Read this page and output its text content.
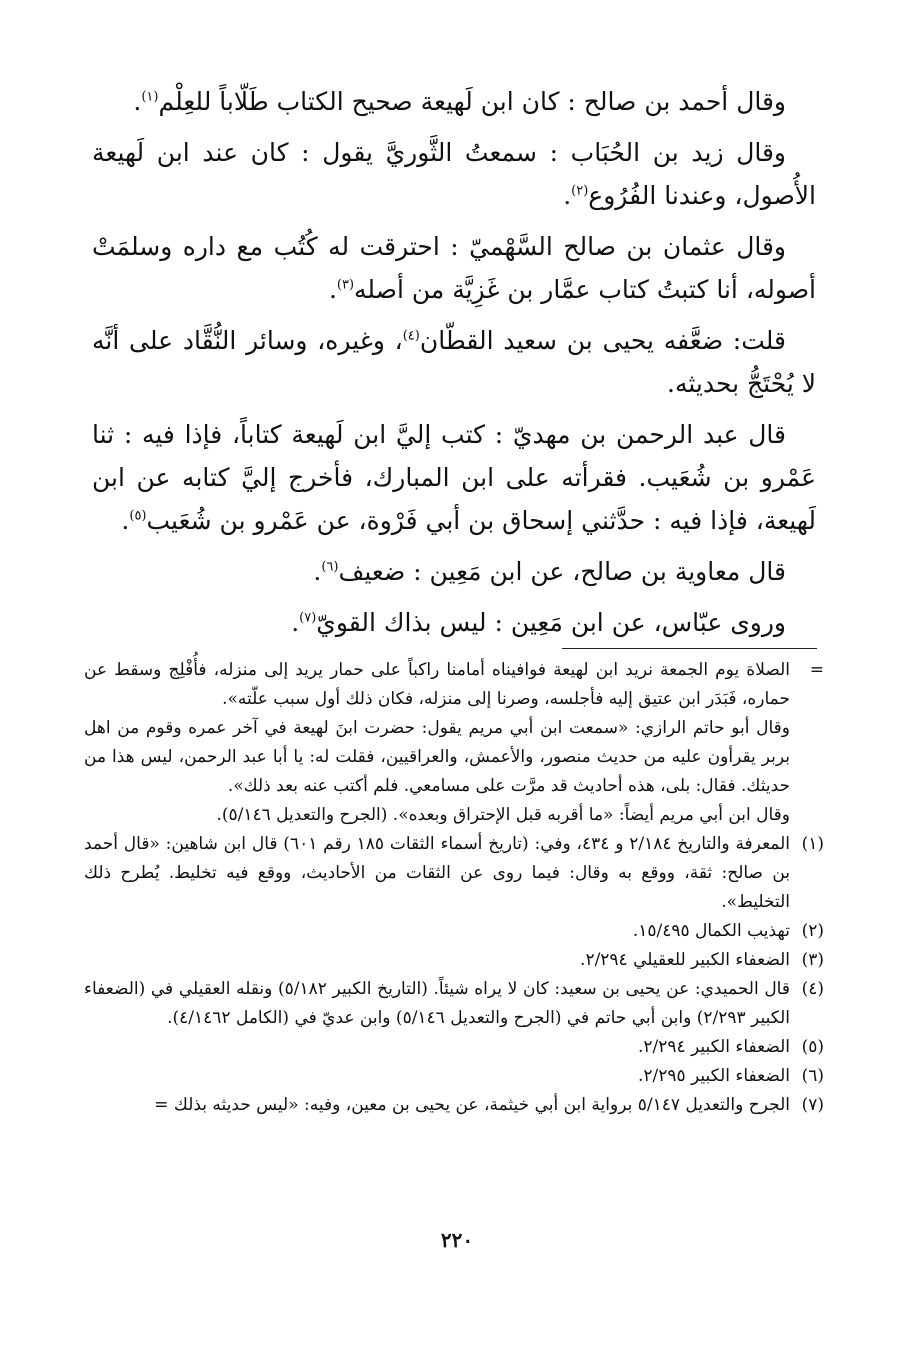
وقال أحمد بن صالح : كان ابن لَهيعة صحيح الكتاب طَلّاباً للعِلْم$^{(١)}$.

وقال زيد بن الحُبَاب : سمعتُ الثَّوريَّ يقول : كان عند ابن لَهيعة الأُصول، وعندنا الفُرُوع$^{(٢)}$.

وقال عثمان بن صالح السَّهْميّ : احترقت له كُتُب مع داره وسلمَتْ أصوله، أنا كتبتُ كتاب عمَّار بن غَزِيَّة من أصله$^{(٣)}$.

قلت: ضعَّفه يحيى بن سعيد القطّان$^{(٤)}$، وغيره، وسائر النُّقَّاد على أنَّه لا يُحْتَجُّ بحديثه.

قال عبد الرحمن بن مهديّ : كتب إليَّ ابن لَهيعة كتاباً، فإذا فيه : ثنا عَمْرو بن شُعَيب. فقرأته على ابن المبارك، فأخرج إليَّ كتابه عن ابن لَهيعة، فإذا فيه : حدَّثني إسحاق بن أبي فَرْوة، عن عَمْرو بن شُعَيب$^{(٥)}$.

قال معاوية بن صالح، عن ابن مَعِين : ضعيف$^{(٦)}$.

وروى عبّاس، عن ابن مَعِين : ليس بذاك القويّ$^{(٧)}$.

=
الصلاة يوم الجمعة نريد ابن لهيعة فوافيناه أمامنا راكباً على حمار يريد إلى منزله، فأُفْلِج وسقط عن حماره، فَبَدَر ابن عتيق إليه فأجلسه، وصرنا إلى منزله، فكان ذلك أول سبب علّته».
وقال أبو حاتم الرازي: «سمعت ابن أبي مريم يقول: حضرت ابنَ لهيعة في آخر عمره وقوم من اهل بربر يقرأون عليه من حديث منصور، والأعمش، والعراقيين، فقلت له: يا أبا عبد الرحمن، ليس هذا من حديثك. فقال: بلى، هذه أحاديث قد مرَّت على مسامعي. فلم أكتب عنه بعد ذلك».
وقال ابن أبي مريم أيضاً: «ما أقربه قبل الإحتراق وبعده». (الجرح والتعديل ٥/١٤٦).
(١)
المعرفة والتاريخ ٢/١٨٤ و ٤٣٤، وفي: (تاريخ أسماء الثقات ١٨٥ رقم ٦٠١) قال ابن شاهين: «قال أحمد بن صالح: ثقة، ووقع به وقال: فيما روى عن الثقات من الأحاديث، ووقع فيه تخليط. يُطرح ذلك التخليط».
(٢)
تهذيب الكمال ١٥/٤٩٥.
(٣)
الضعفاء الكبير للعقيلي ٢/٢٩٤.
(٤)
قال الحميدي: عن يحيى بن سعيد: كان لا يراه شيئاً. (التاريخ الكبير ٥/١٨٢) ونقله العقيلي في (الضعفاء الكبير ٢/٢٩٣) وابن أبي حاتم في (الجرح والتعديل ٥/١٤٦) وابن عديّ في (الكامل ٤/١٤٦٢).
(٥)
الضعفاء الكبير ٢/٢٩٤.
(٦)
الضعفاء الكبير ٢/٢٩٥.
(٧)
الجرح والتعديل ٥/١٤٧ برواية ابن أبي خيثمة، عن يحيى بن معين، وفيه: «ليس حديثه بذلك =
٢٢٠
